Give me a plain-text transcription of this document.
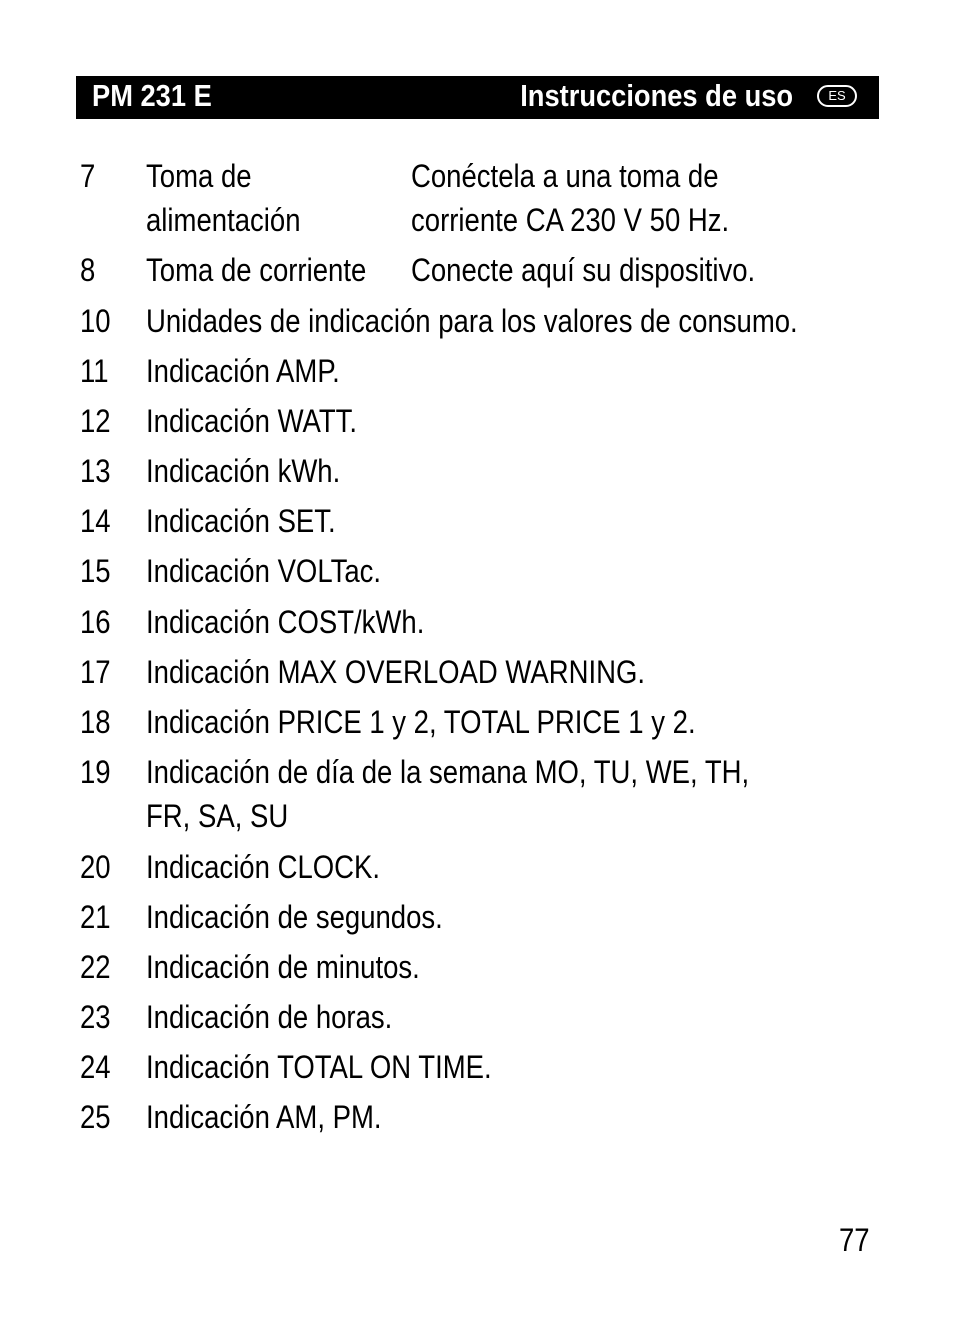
PM 231 E	Instrucciones de uso	ES
7 Toma de
alimentación
Conéctela a una toma de
corriente CA 230 V 50 Hz.
8 Toma de corriente Conecte aquí su dispositivo.
10 Unidades de indicación para los valores de consumo.
11 Indicación AMP.
12 Indicación WATT.
13 Indicación kWh.
14 Indicación SET.
15 Indicación VOLTac.
16 Indicación COST/kWh.
17 Indicación MAX OVERLOAD WARNING.
18 Indicación PRICE 1 y 2, TOTAL PRICE 1 y 2.
19 Indicación de día de la semana MO, TU, WE, TH,
FR, SA, SU
20 Indicación CLOCK.
21 Indicación de segundos.
22 Indicación de minutos.
23 Indicación de horas.
24 Indicación TOTAL ON TIME.
25 Indicación AM, PM.
77
